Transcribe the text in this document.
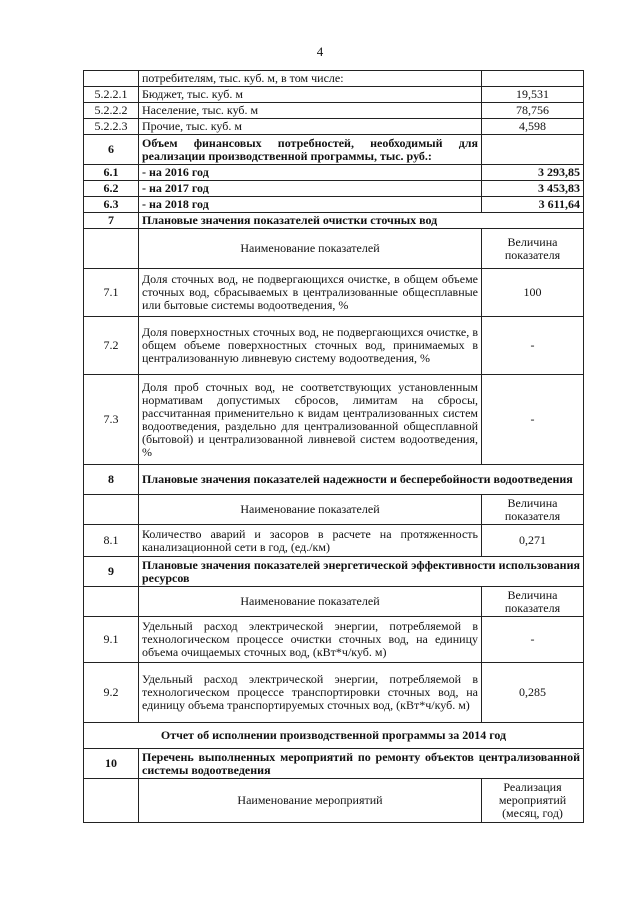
4
	потребителям, тыс. куб. м, в том числе:	
5.2.2.1	Бюджет, тыс. куб. м	19,531
5.2.2.2	Население, тыс. куб. м	78,756
5.2.2.3	Прочие, тыс. куб. м	4,598
6	Объем финансовых потребностей, необходимый для реализации производственной программы, тыс. руб.:	
6.1	- на 2016 год	3 293,85
6.2	- на 2017 год	3 453,83
6.3	- на 2018 год	3 611,64
7	Плановые значения показателей очистки сточных вод	
	Наименование показателей	Величина показателя
7.1	Доля сточных вод, не подвергающихся очистке, в общем объеме сточных вод, сбрасываемых в централизованные общесплавные или бытовые системы водоотведения, %	100
7.2	Доля поверхностных сточных вод, не подвергающихся очистке, в общем объеме поверхностных сточных вод, принимаемых в централизованную ливневую систему водоотведения, %	-
7.3	Доля проб сточных вод, не соответствующих установленным нормативам допустимых сбросов, лимитам на сбросы, рассчитанная применительно к видам централизованных систем водоотведения, раздельно для централизованной общесплавной (бытовой) и централизованной ливневой систем водоотведения, %	-
8	Плановые значения показателей надежности и бесперебойности водоотведения	
	Наименование показателей	Величина показателя
8.1	Количество аварий и засоров в расчете на протяженность канализационной сети в год, (ед./км)	0,271
9	Плановые значения показателей энергетической эффективности использования ресурсов	
	Наименование показателей	Величина показателя
9.1	Удельный расход электрической энергии, потребляемой в технологическом процессе очистки сточных вод, на единицу объема очищаемых сточных вод, (кВт*ч/куб. м)	-
9.2	Удельный расход электрической энергии, потребляемой в технологическом процессе транспортировки сточных вод, на единицу объема транспортируемых сточных вод, (кВт*ч/куб. м)	0,285
Отчет об исполнении производственной программы за 2014 год		
10	Перечень выполненных мероприятий по ремонту объектов централизованной системы водоотведения	
	Наименование мероприятий	Реализация мероприятий (месяц, год)
